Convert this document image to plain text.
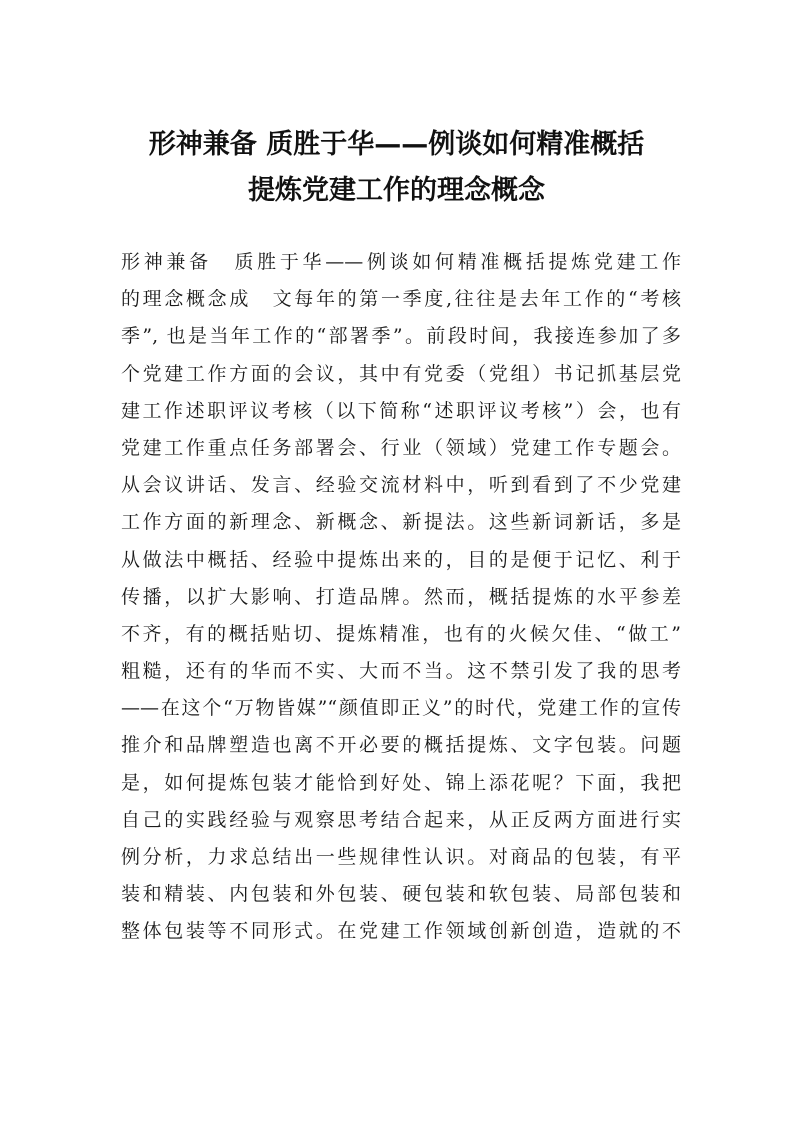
形神兼备 质胜于华——例谈如何精准概括
提炼党建工作的理念概念
形神兼备　质胜于华——例谈如何精准概括提炼党建工作
的理念概念成　文每年的第一季度,往往是去年工作的“考核
季”, 也是当年工作的“部署季”。前段时间，我接连参加了多
个党建工作方面的会议，其中有党委（党组）书记抓基层党
建工作述职评议考核（以下简称“述职评议考核”）会，也有
党建工作重点任务部署会、行业（领域）党建工作专题会。
从会议讲话、发言、经验交流材料中，听到看到了不少党建
工作方面的新理念、新概念、新提法。这些新词新话，多是
从做法中概括、经验中提炼出来的，目的是便于记忆、利于
传播，以扩大影响、打造品牌。然而，概括提炼的水平参差
不齐，有的概括贴切、提炼精准，也有的火候欠佳、“做工”
粗糙，还有的华而不实、大而不当。这不禁引发了我的思考
——在这个“万物皆媒”“颜值即正义”的时代，党建工作的宣传
推介和品牌塑造也离不开必要的概括提炼、文字包装。问题
是，如何提炼包装才能恰到好处、锦上添花呢？下面，我把
自己的实践经验与观察思考结合起来，从正反两方面进行实
例分析，力求总结出一些规律性认识。对商品的包装，有平
装和精装、内包装和外包装、硬包装和软包装、局部包装和
整体包装等不同形式。在党建工作领域创新创造，造就的不
